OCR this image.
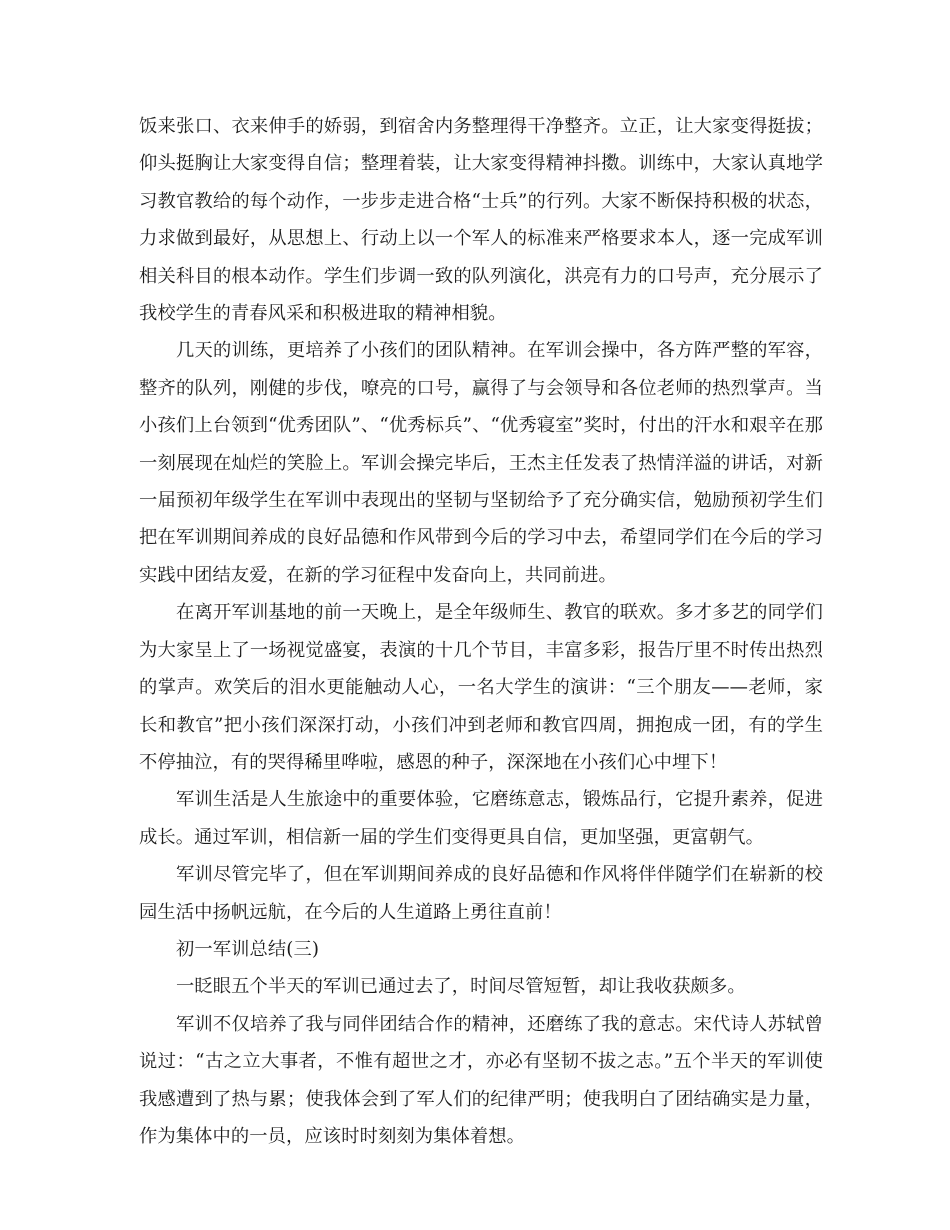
饭来张口、衣来伸手的娇弱，到宿舍内务整理得干净整齐。立正，让大家变得挺拔；仰头挺胸让大家变得自信；整理着装，让大家变得精神抖擞。训练中，大家认真地学习教官教给的每个动作，一步步走进合格“士兵”的行列。大家不断保持积极的状态，力求做到最好，从思想上、行动上以一个军人的标准来严格要求本人，逐一完成军训相关科目的根本动作。学生们步调一致的队列演化，洪亮有力的口号声，充分展示了我校学生的青春风采和积极进取的精神相貌。

几天的训练，更培养了小孩们的团队精神。在军训会操中，各方阵严整的军容，整齐的队列，刚健的步伐，嘹亮的口号，赢得了与会领导和各位老师的热烈掌声。当小孩们上台领到“优秀团队”、“优秀标兵”、“优秀寝室”奖时，付出的汗水和艰辛在那一刻展现在灿烂的笑脸上。军训会操完毕后，王杰主任发表了热情洋溢的讲话，对新一届预初年级学生在军训中表现出的坚韧与坚韧给予了充分确实信，勉励预初学生们把在军训期间养成的良好品德和作风带到今后的学习中去，希望同学们在今后的学习实践中团结友爱，在新的学习征程中发奋向上，共同前进。

在离开军训基地的前一天晚上，是全年级师生、教官的联欢。多才多艺的同学们为大家呈上了一场视觉盛宴，表演的十几个节目，丰富多彩，报告厅里不时传出热烈的掌声。欢笑后的泪水更能触动人心，一名大学生的演讲：“三个朋友——老师，家长和教官”把小孩们深深打动，小孩们冲到老师和教官四周，拥抱成一团，有的学生不停抽泣，有的哭得稀里哗啦，感恩的种子，深深地在小孩们心中埋下！

军训生活是人生旅途中的重要体验，它磨练意志，锻炼品行，它提升素养，促进成长。通过军训，相信新一届的学生们变得更具自信，更加坚强，更富朝气。

军训尽管完毕了，但在军训期间养成的良好品德和作风将伴伴随学们在崭新的校园生活中扬帆远航，在今后的人生道路上勇往直前！

初一军训总结(三)

一眨眼五个半天的军训已通过去了，时间尽管短暂，却让我收获颇多。

军训不仅培养了我与同伴团结合作的精神，还磨练了我的意志。宋代诗人苏轼曾说过：“古之立大事者，不惟有超世之才，亦必有坚韧不拔之志。”五个半天的军训使我感遭到了热与累；使我体会到了军人们的纪律严明；使我明白了团结确实是力量，作为集体中的一员，应该时时刻刻为集体着想。
